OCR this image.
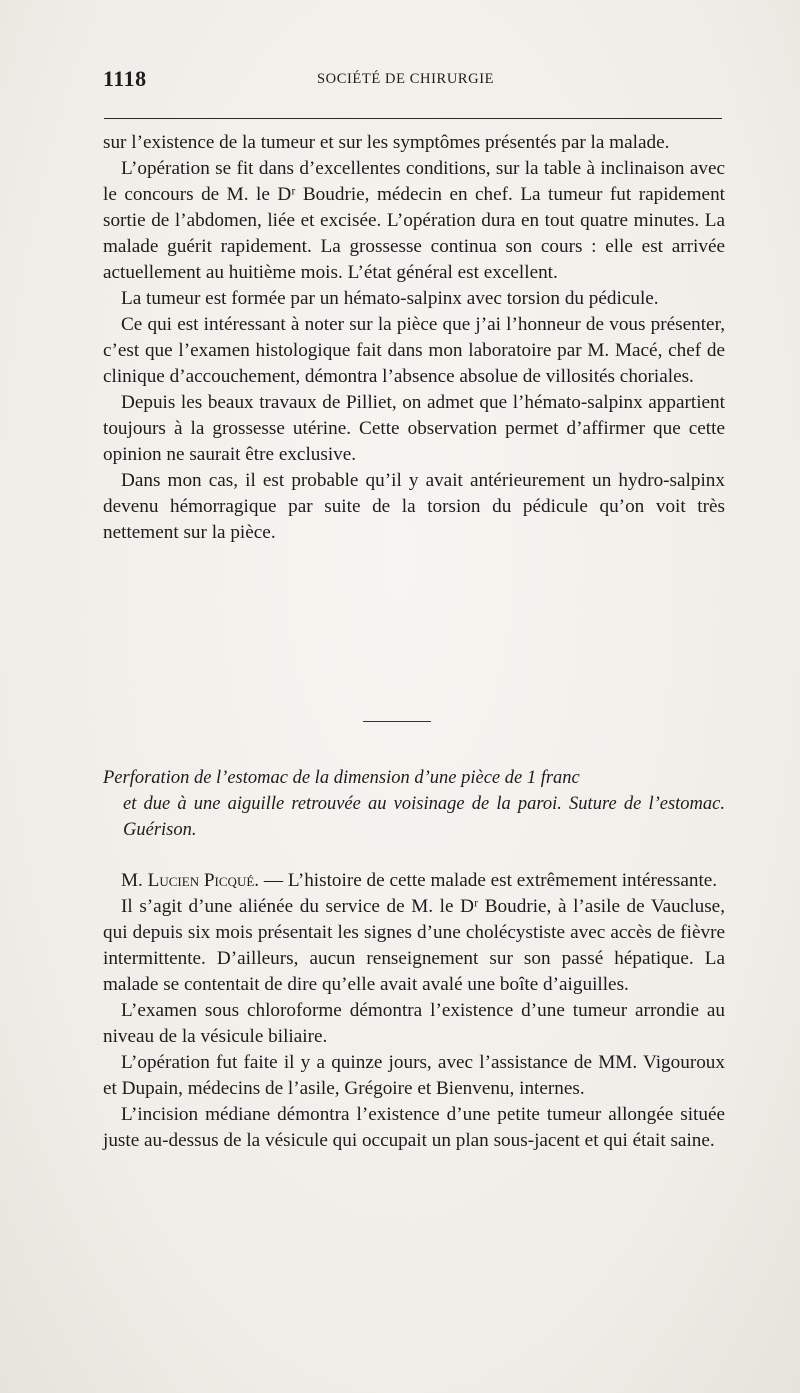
1118	SOCIÉTÉ DE CHIRURGIE

sur l’existence de la tumeur et sur les symptômes présentés par la malade.

L’opération se fit dans d’excellentes conditions, sur la table à inclinaison avec le concours de M. le Dʳ Boudrie, médecin en chef. La tumeur fut rapidement sortie de l’abdomen, liée et excisée. L’opération dura en tout quatre minutes. La malade guérit rapidement. La grossesse continua son cours : elle est arrivée actuellement au huitième mois. L’état général est excellent.

La tumeur est formée par un hémato-salpinx avec torsion du pédicule.

Ce qui est intéressant à noter sur la pièce que j’ai l’honneur de vous présenter, c’est que l’examen histologique fait dans mon laboratoire par M. Macé, chef de clinique d’accouchement, démontra l’absence absolue de villosités choriales.

Depuis les beaux travaux de Pilliet, on admet que l’hémato-salpinx appartient toujours à la grossesse utérine. Cette observation permet d’affirmer que cette opinion ne saurait être exclusive.

Dans mon cas, il est probable qu’il y avait antérieurement un hydro-salpinx devenu hémorragique par suite de la torsion du pédicule qu’on voit très nettement sur la pièce.

Perforation de l’estomac de la dimension d’une pièce de 1 franc
et due à une aiguille retrouvée au voisinage de la paroi. Suture de l’estomac. Guérison.

M. Lucien Picqué. — L’histoire de cette malade est extrêmement intéressante.

Il s’agit d’une aliénée du service de M. le Dʳ Boudrie, à l’asile de Vaucluse, qui depuis six mois présentait les signes d’une cholécystiste avec accès de fièvre intermittente. D’ailleurs, aucun renseignement sur son passé hépatique. La malade se contentait de dire qu’elle avait avalé une boîte d’aiguilles.

L’examen sous chloroforme démontra l’existence d’une tumeur arrondie au niveau de la vésicule biliaire.

L’opération fut faite il y a quinze jours, avec l’assistance de MM. Vigouroux et Dupain, médecins de l’asile, Grégoire et Bienvenu, internes.

L’incision médiane démontra l’existence d’une petite tumeur allongée située juste au-dessus de la vésicule qui occupait un plan sous-jacent et qui était saine.
